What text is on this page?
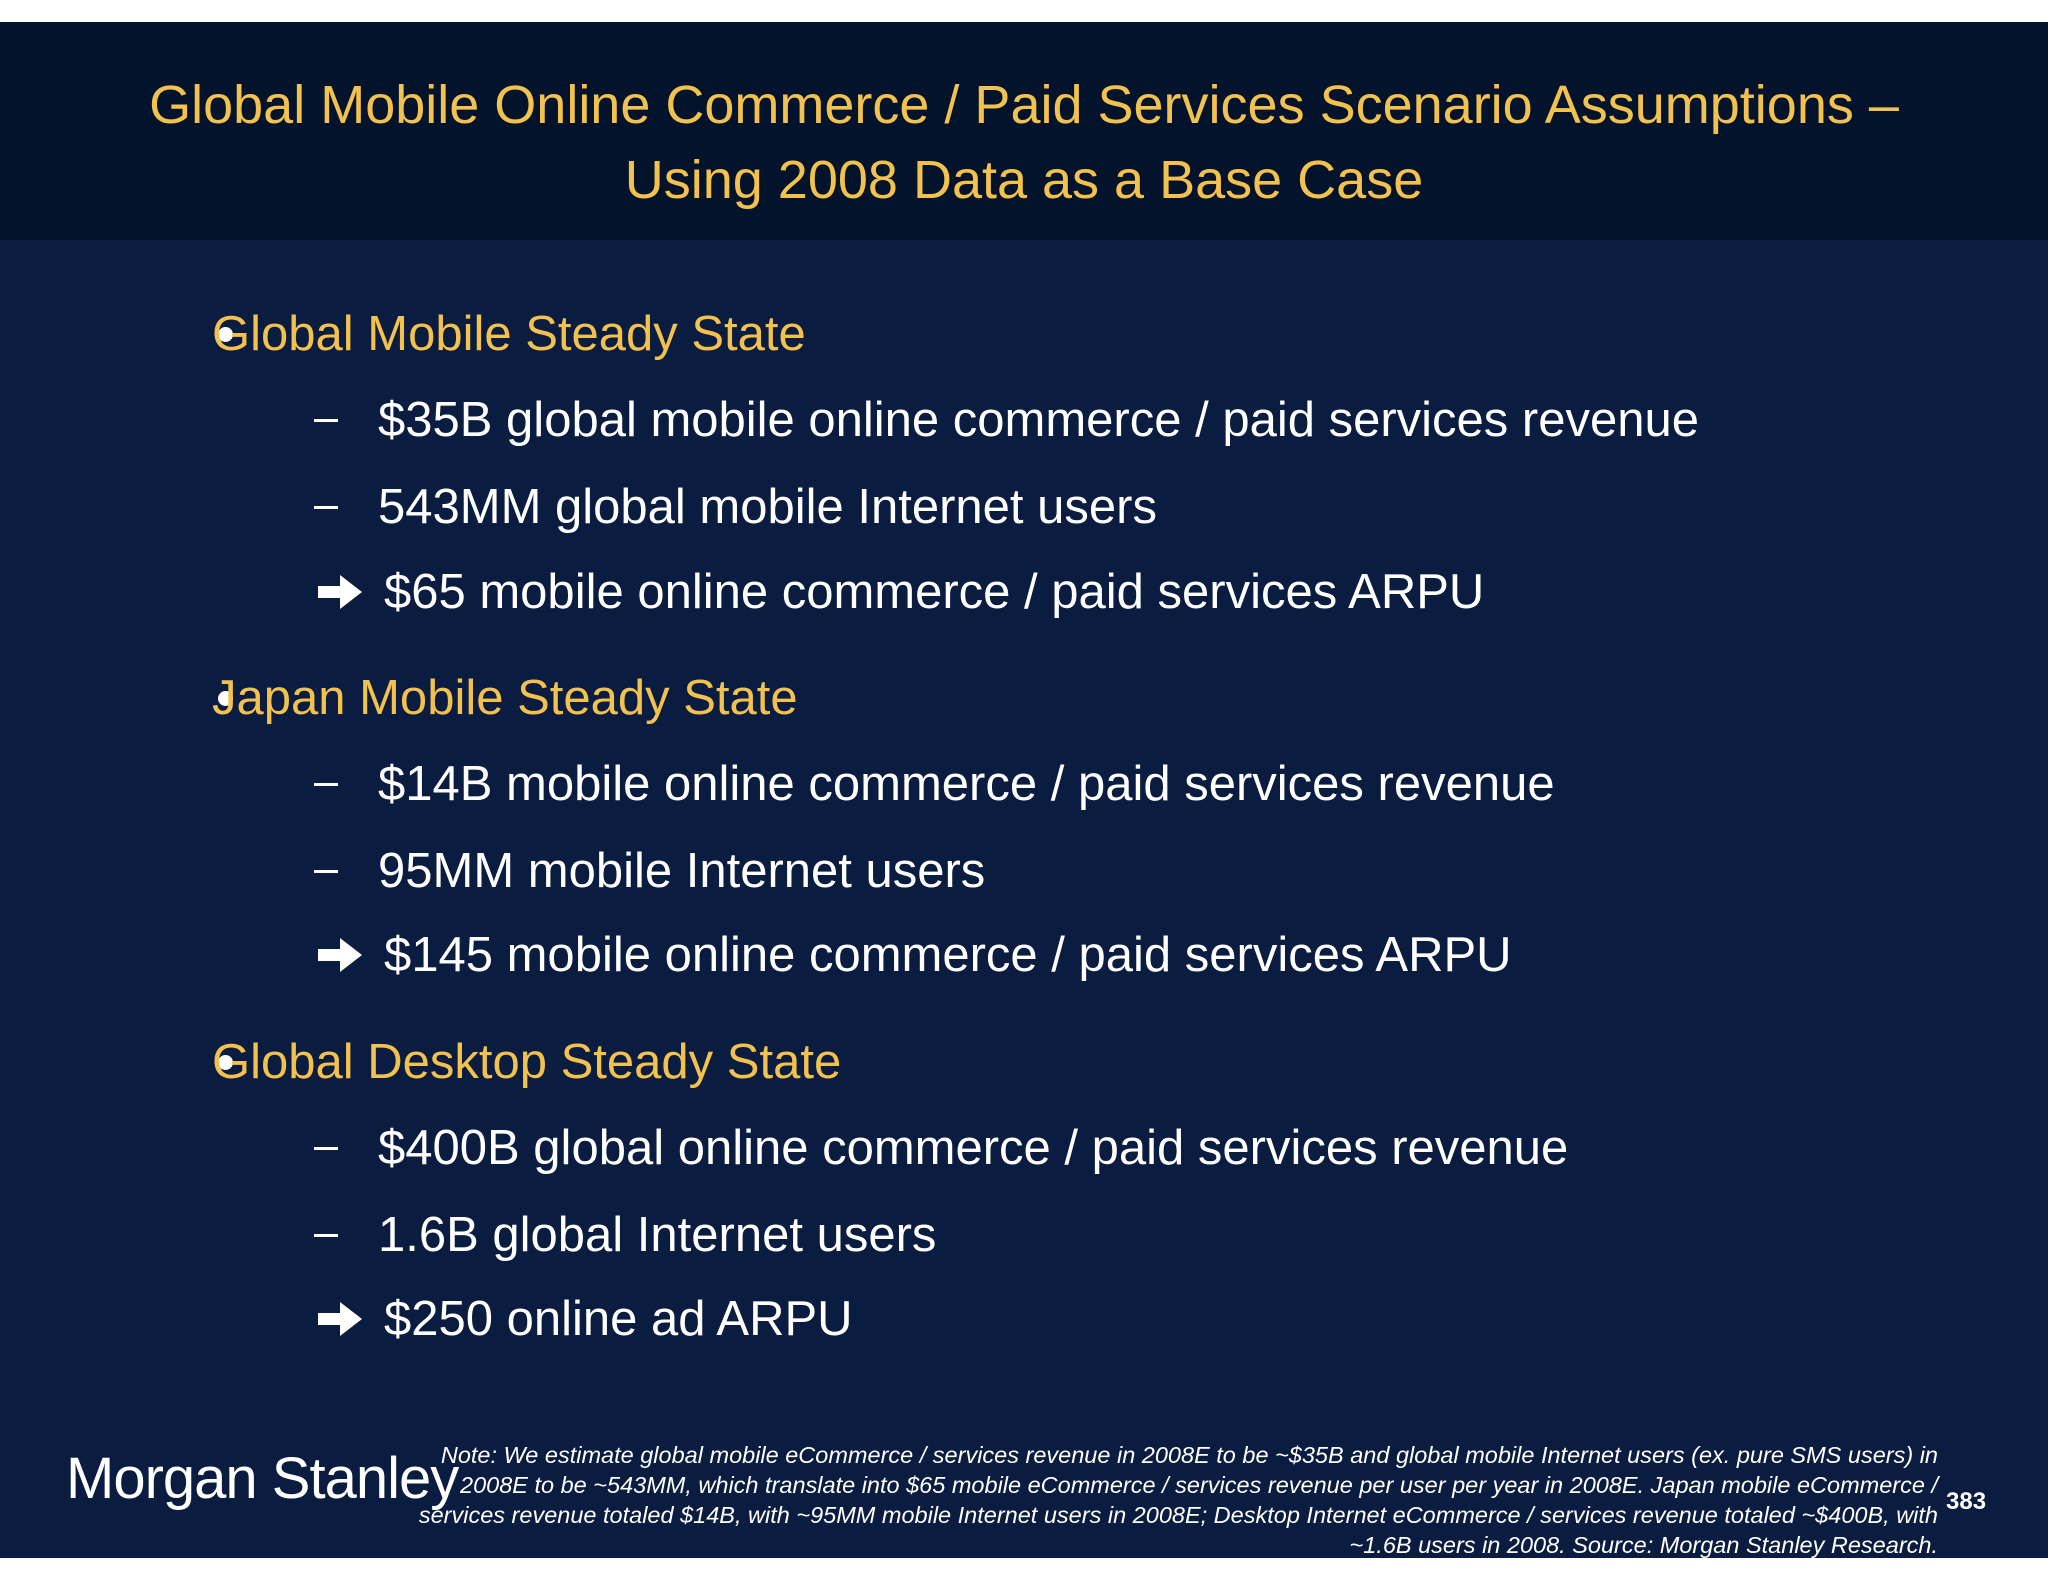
Global Mobile Online Commerce / Paid Services Scenario Assumptions –
Using 2008 Data as a Base Case
Global Mobile Steady State
$35B global mobile online commerce / paid services revenue
543MM global mobile Internet users
$65 mobile online commerce / paid services ARPU
Japan Mobile Steady State
$14B mobile online commerce / paid services revenue
95MM mobile Internet users
$145 mobile online commerce / paid services ARPU
Global Desktop Steady State
$400B global online commerce / paid services revenue
1.6B global Internet users
$250 online ad ARPU
Morgan Stanley
Note: We estimate global mobile eCommerce / services revenue in 2008E to be ~$35B and global mobile Internet users (ex. pure SMS users) in 2008E to be ~543MM, which translate into $65 mobile eCommerce / services revenue per user per year in 2008E. Japan mobile eCommerce / services revenue totaled $14B, with ~95MM mobile Internet users in 2008E; Desktop Internet eCommerce / services revenue totaled ~$400B, with ~1.6B users in 2008. Source: Morgan Stanley Research.
383
